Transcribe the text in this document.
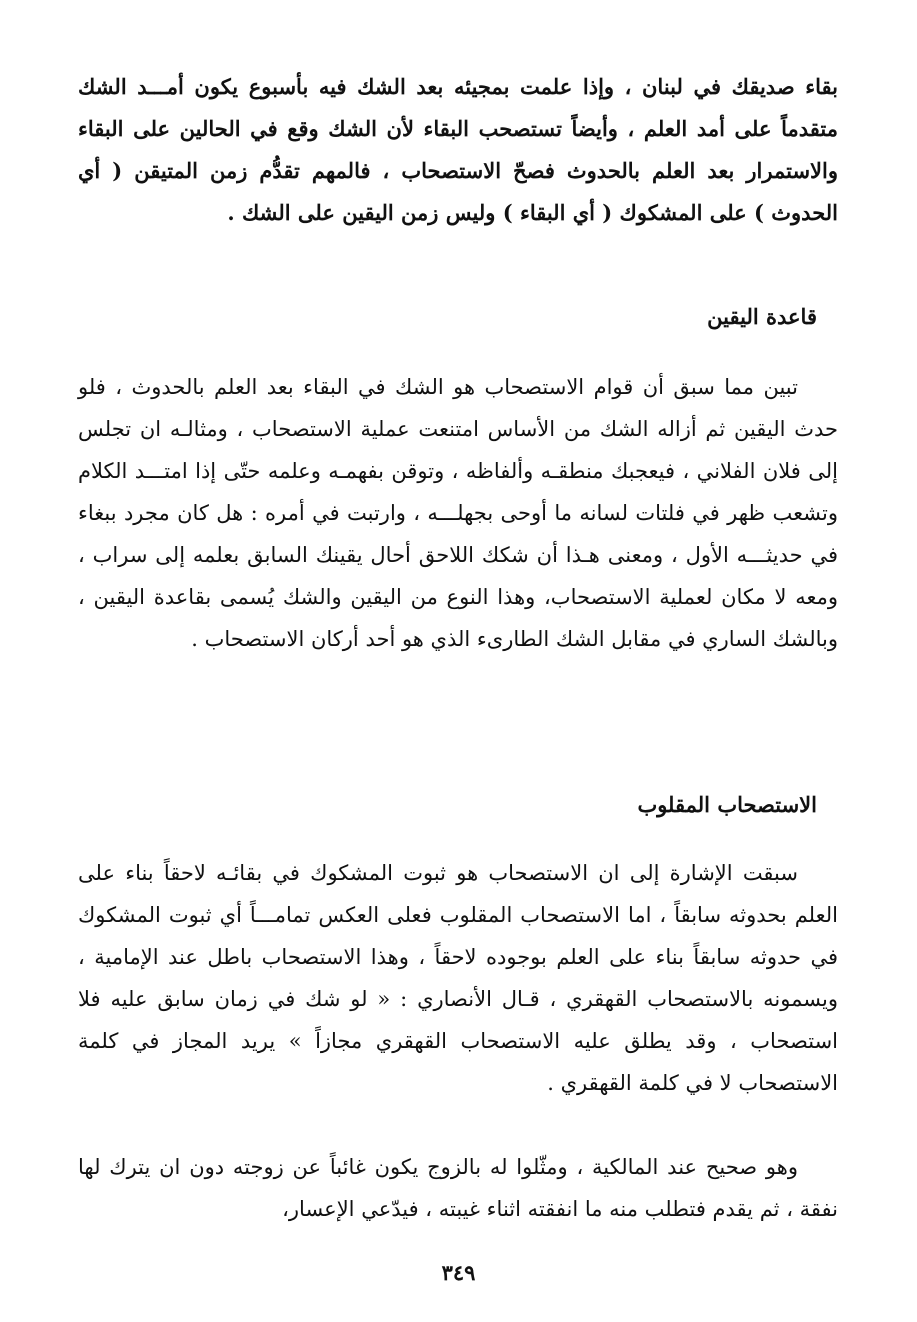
بقاء صديقك في لبنان ، وإذا علمت بمجيئه بعد الشك فيه بأسبوع يكون أمـــد الشك متقدماً على أمد العلم ، وأيضاً تستصحب البقاء لأن الشك وقع في الحالين على البقاء والاستمرار بعد العلم بالحدوث فصحّ الاستصحاب ، فالمهم تقدُّم زمن المتيقن ( أي الحدوث ) على المشكوك ( أي البقاء ) وليس زمن اليقين على الشك .
قاعدة اليقين
تبين مما سبق أن قوام الاستصحاب هو الشك في البقاء بعد العلم بالحدوث ، فلو حدث اليقين ثم أزاله الشك من الأساس امتنعت عملية الاستصحاب ، ومثالـه ان تجلس إلى فلان الفلاني ، فيعجبك منطقـه وألفاظه ، وتوقن بفهمـه وعلمه حتّى إذا امتـــد الكلام وتشعب ظهر في فلتات لسانه ما أوحى بجهلـــه ، وارتبت في أمره : هل كان مجرد ببغاء في حديثـــه الأول ، ومعنى هـذا أن شكك اللاحق أحال يقينك السابق بعلمه إلى سراب ، ومعه لا مكان لعملية الاستصحاب، وهذا النوع من اليقين والشك يُسمى بقاعدة اليقين ، وبالشك الساري في مقابل الشك الطارىء الذي هو أحد أركان الاستصحاب .
الاستصحاب المقلوب
سبقت الإشارة إلى ان الاستصحاب هو ثبوت المشكوك في بقائـه لاحقاً بناء على العلم بحدوثه سابقاً ، اما الاستصحاب المقلوب فعلى العكس تمامـــاً أي ثبوت المشكوك في حدوثه سابقاً بناء على العلم بوجوده لاحقاً ، وهذا الاستصحاب باطل عند الإمامية ، ويسمونه بالاستصحاب القهقري ، قـال الأنصاري : « لو شك في زمان سابق عليه فلا استصحاب ، وقد يطلق عليه الاستصحاب القهقري مجازاً » يريد المجاز في كلمة الاستصحاب لا في كلمة القهقري .
وهو صحيح عند المالكية ، ومثّلوا له بالزوج يكون غائباً عن زوجته دون ان يترك لها نفقة ، ثم يقدم فتطلب منه ما انفقته اثناء غيبته ، فيدّعي الإعسار،
٣٤٩
